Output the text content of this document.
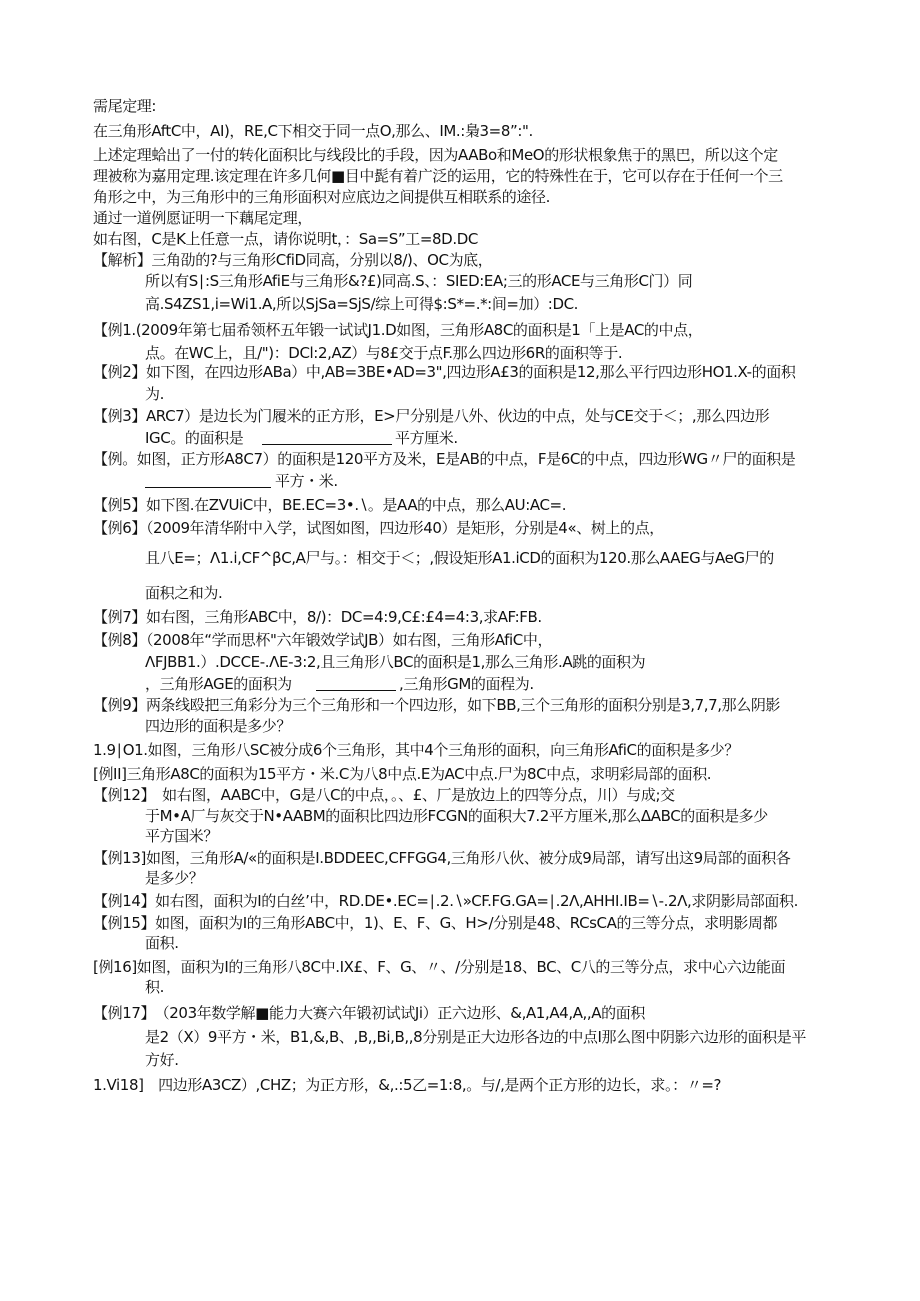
需尾定理:
在三角形AftC中，AI)，RE,C下相交于同一点O,那么、IM.:梟3=8”:".
上述定理蛤出了一付的转化面积比与线段比的手段，因为AABo和MeO的形状根象焦于的黑巴，所以这个定
理被称为嘉用定理.该定理在许多几何■目中髭有着广泛的运用，它的特殊性在于，它可以存在于任何一个三
角形之中，为三角形中的三角形面积对应底边之间提供互相联系的途径.
通过一道例愿证明一下藕尾定理，
如右图，C是K上任意一点，请你说明t，：Sa=S”工=8D.DC
【解析】三角劭的?与三角形CfiD同高，分别以8/)、OC为底，
所以有S∣:S三角形AfiE与三角形&?£)同高.S、：SIED:EA;三的形ACE与三角形C门）同
高.S4ZS1,i=Wi1.A,所以SjSa=SjS/综上可得$:S*=.*:间=加）:DC.
【例1.(2009年第七届希领杯五年锻一试试J1.D如图，三角形A8C的面积是1「上是AC的中点，
点。在WC上，且/")：DCl:2,AZ）与8£交于点F.那么四边形6R的面积等于.
【例2】如下图，在四边形ABa）中,AB=3BE•AD=3",四边形A£3的面积是12,那么平行四边形HO1.X-的面积
为.
【例3】ARC7）是边长为门履米的正方形，E>尸分别是八外、伙边的中点，处与CE交于＜；,那么四边形
IGC。的面积是	平方厘米.
【例。如图，正方形A8C7）的面积是120平方及米，E是AB的中点，F是6C的中点，四边形WG〃尸的面积是
平方・米.
【例5】如下图.在ZVUiC中，BE.EC=3•.∖。是AA的中点，那么AU:AC=.
【例6】（2009年清华附中入学，试图如图，四边形40）是矩形，分别是4«、树上的点，
且八E=；Λ1.i,CF^βC,A尸与。：相交于＜；,假设矩形A1.iCD的面积为120.那么AAEG与AeG尸的
面积之和为.
【例7】如右图，三角形ABC中，8/)：DC=4:9,C£:£4=4:3,求AF:FB.
【例8】（2008年“学而思杯"六年锻效学试JB）如右图，三角形AfiC中，
ΛFJBB1.）.DCCE-.ΛE-3:2,且三角形八BC的面积是1,那么三角形.A跳的面积为
，三角形AGE的面积为	,三角形GM的面程为.
【例9】两条线殴把三角彩分为三个三角形和一个四边形，如下BB,三个三角形的面积分别是3,7,7,那么阴影
四边形的面积是多少？
1.9∣O1.如图，三角形八SC被分成6个三角形，其中4个三角形的面积，向三角形AfiC的面积是多少？
[例II]三角形A8C的面积为15平方・米.C为八8中点.E为AC中点.尸为8C中点，求明彩局部的面积.
【例12】　如右图，AABC中，G是八C的中点，。、£、厂是放边上的四等分点，川）与成;交
于M•A厂与灰交于N•AABM的面积比四边形FCGN的面积大7.2平方厘米,那么ΔABC的面积是多少
平方国米？
【例13]如图，三角形A/«的面积是I.BDDEEC,CFFGG4,三角形八伙、被分成9局部，请写出这9局部的面积各
是多少？
【例14】如右图，面积为I的白丝’中，RD.DE•.EC=∣.2.∖»CF.FG.GA=∣.2Λ,AHHI.IB=∖-.2Λ,求阴影局部面积.
【例15】如图，面积为I的三角形ABC中，1)、E、F、G、H>/分别是48、RCsCA的三等分点，求明影周都
面积.
[例16]如图，面积为I的三角形八8C中.IX£、F、G、〃、/分别是18、BC、C八的三等分点，求中心六边能面
积.
【例17】　（203年数学解■能力大赛六年锻初试试Ji）正六边形、&,A1,A4,A,,A的面积
是2（X）9平方・米，B1,&,B、,B,,Bi,B,,8分别是正大边形各边的中点I那么图中阴影六边形的面积是平
方好.
1.Vi18]　四边形A3CZ）,CHZ；为正方形，&,.:5乙=1:8,。与/,是两个正方形的边长，求。：〃=?
